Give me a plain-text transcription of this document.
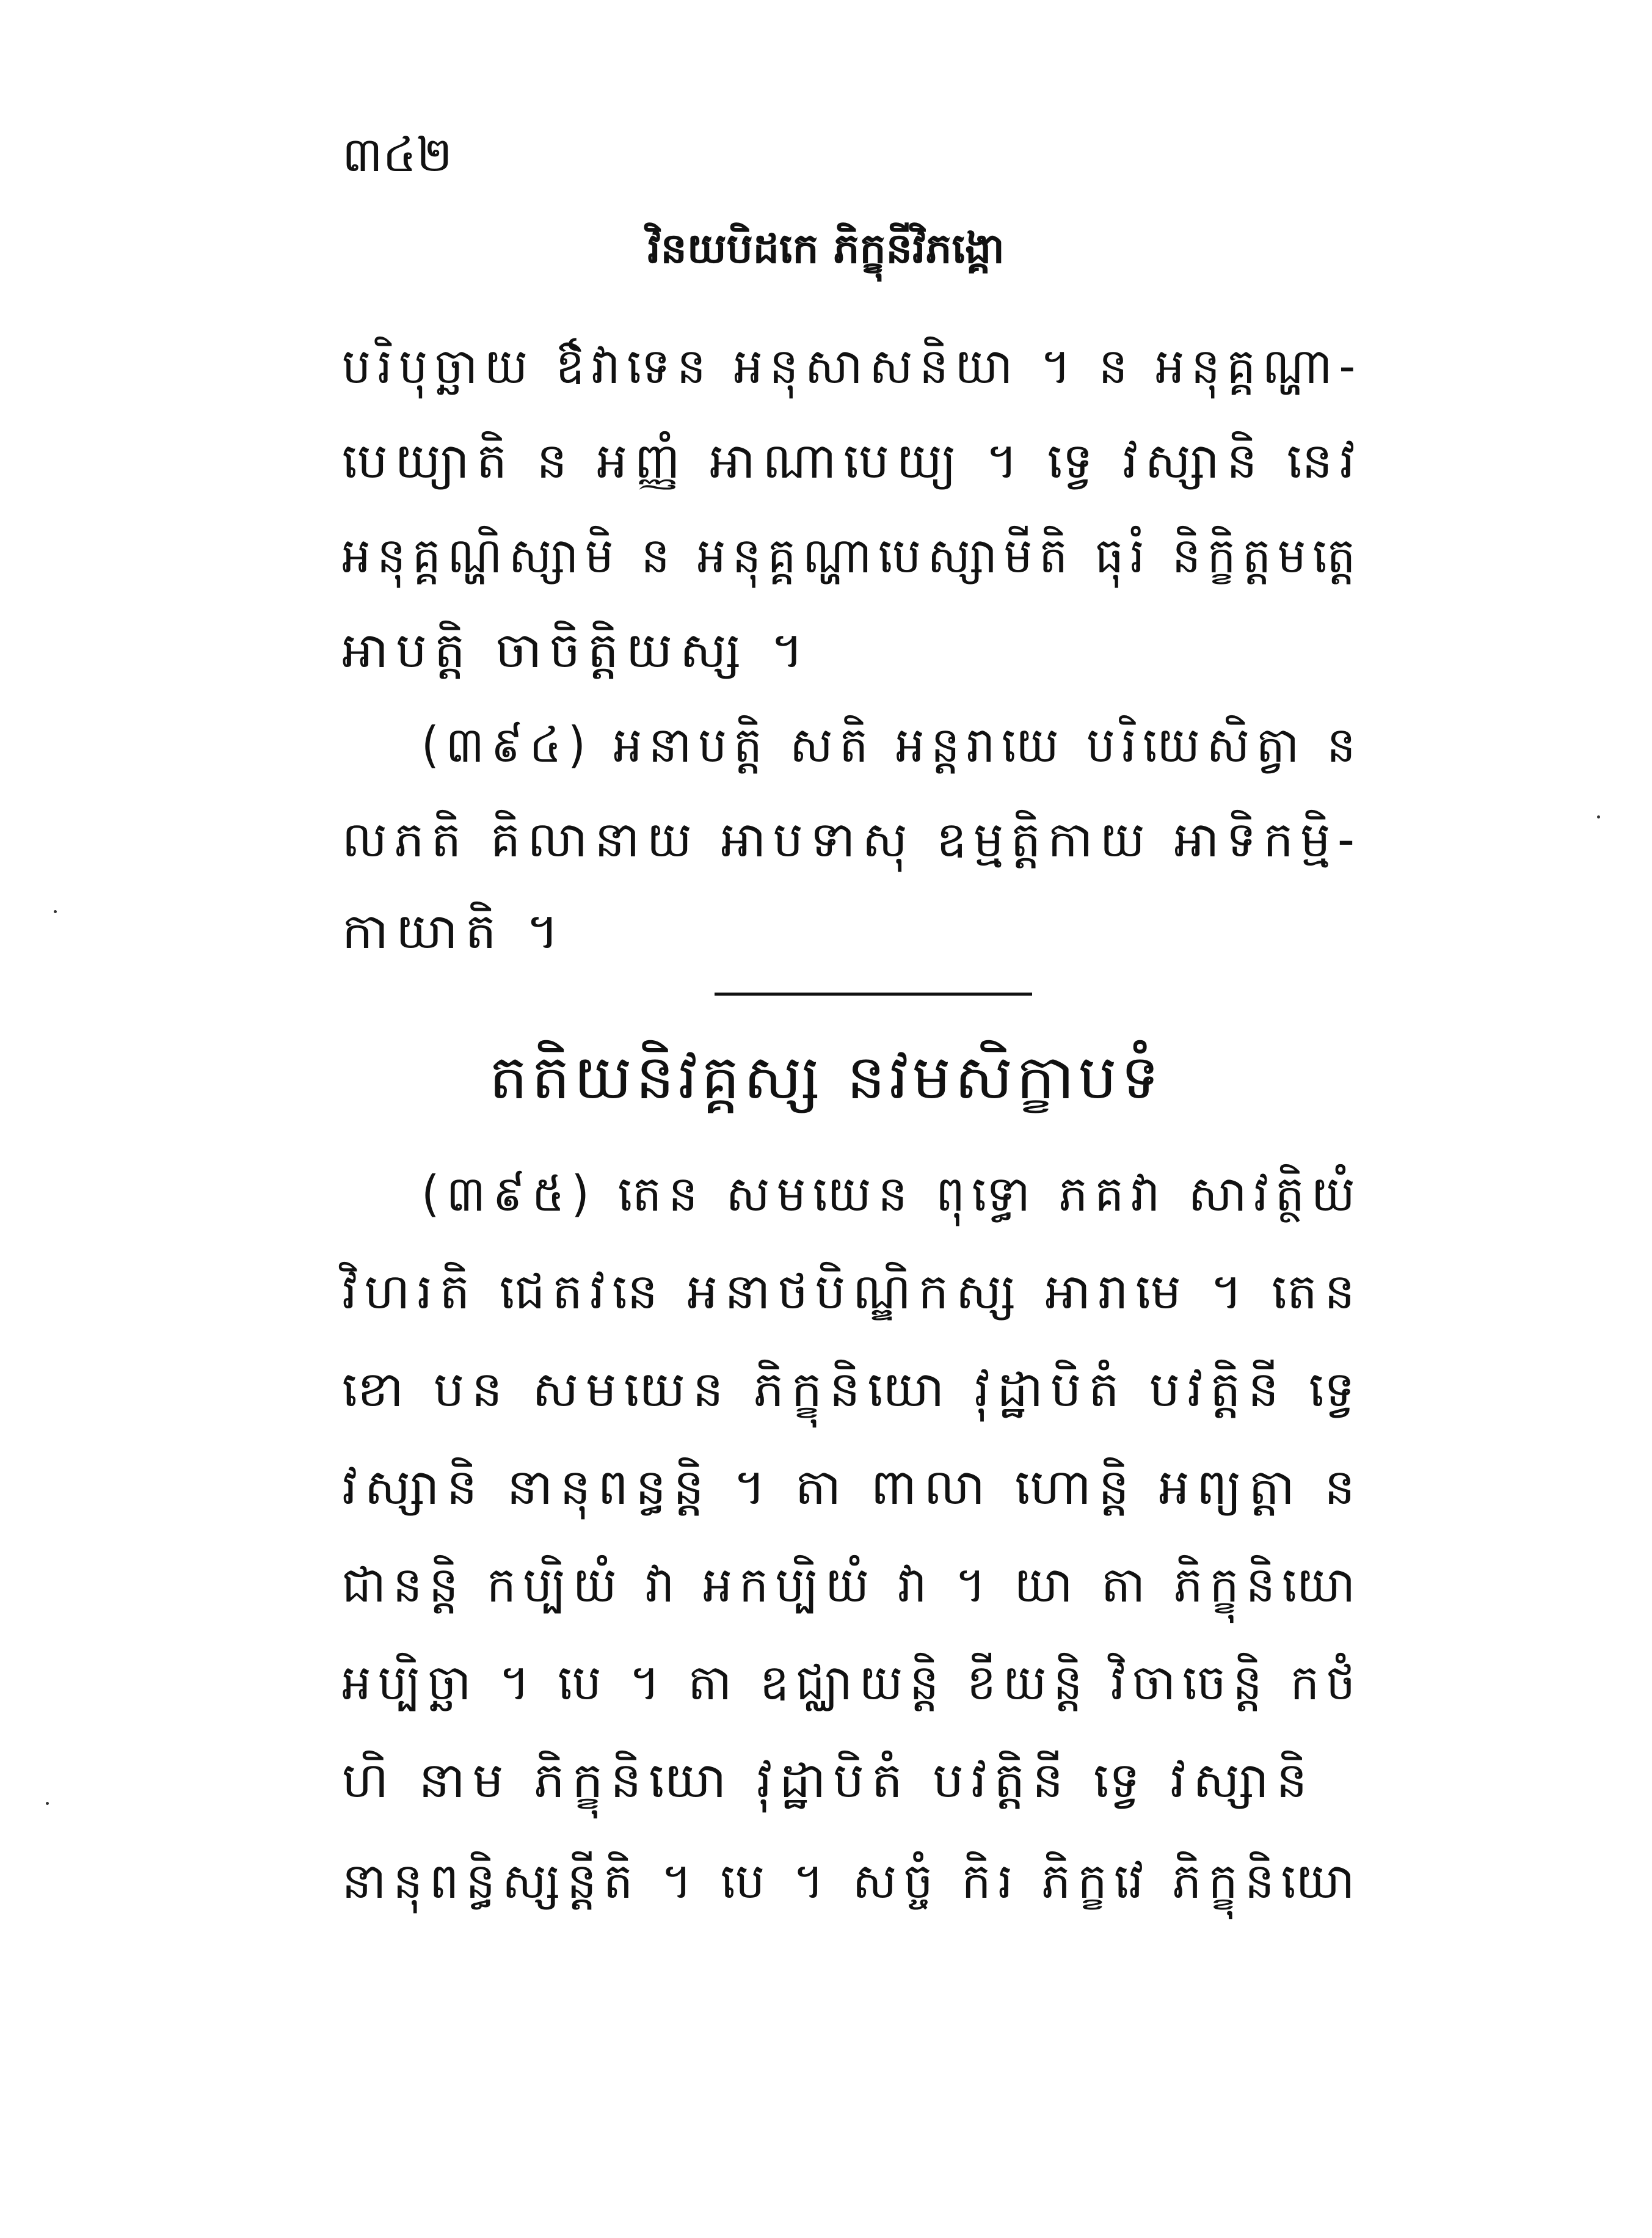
៣៤២
វិនយបិដកេ ភិក្ខុនីវិភង្គោ
បរិបុច្ឆាយ ឳវាទេន អនុសាសនិយា ។ ន អនុគ្គណ្ហា-
បេយ្យាតិ ន អញ្ញំ អាណាបេយ្យ ។ ទ្វេ វស្សានិ នេវ
អនុគ្គណ្ហិស្សាមិ ន អនុគ្គណ្ហាបេស្សាមីតិ ធុរំ និក្ខិត្តមត្តេ
អាបត្តិ ចាចិត្តិយស្ស ។
(៣៩៤) អនាបត្តិ សតិ អន្តរាយេ បរិយេសិត្វា ន
លភតិ គិលានាយ អាបទាសុ ឧម្មត្តិកាយ អាទិកម្មិ-
កាយាតិ ។
តតិយនិវគ្គស្ស នវមសិក្ខាបទំ
(៣៩៥) តេន សមយេន ពុទ្ធោ ភគវា សាវត្ថិយំ
វិហរតិ ជេតវនេ អនាថបិណ្ឌិកស្ស អារាមេ ។ តេន
ខោ បន សមយេន ភិក្ខុនិយោ វុដ្ឋាបិតំ បវត្តិនី ទ្វេ
វស្សានិ នានុពន្ធន្តិ ។ តា ពាលា ហោន្តិ អព្យត្តា ន
ជានន្តិ កប្បិយំ វា អកប្បិយំ វា ។ យា តា ភិក្ខុនិយោ
អប្បិច្ឆា ។ បេ ។ តា ឧជ្ឈាយន្តិ ខីយន្តិ វិចាចេន្តិ កថំ
ហិ នាម ភិក្ខុនិយោ វុដ្ឋាបិតំ បវត្តិនី ទ្វេ វស្សានិ
នានុពន្ធិស្សន្តីតិ ។ បេ ។ សច្ចំ កិរ ភិក្ខវេ ភិក្ខុនិយោ
